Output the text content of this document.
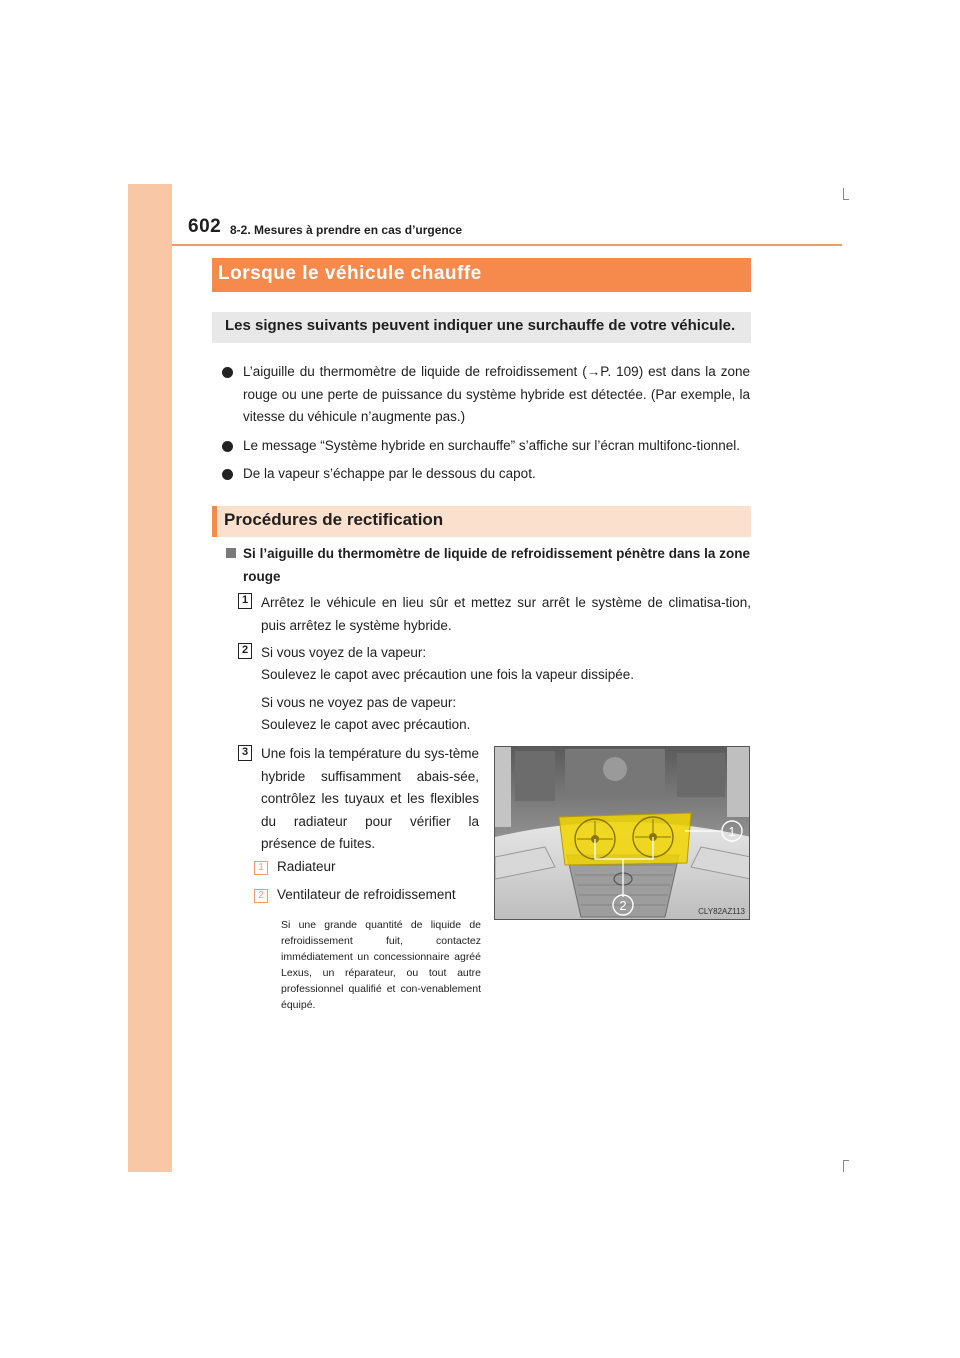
602 8-2. Mesures à prendre en cas d’urgence
Lorsque le véhicule chauffe
Les signes suivants peuvent indiquer une surchauffe de votre véhicule.
L’aiguille du thermomètre de liquide de refroidissement (→P. 109) est dans la zone rouge ou une perte de puissance du système hybride est détectée. (Par exemple, la vitesse du véhicule n’augmente pas.)
Le message “Système hybride en surchauffe” s’affiche sur l’écran multifonc-tionnel.
De la vapeur s’échappe par le dessous du capot.
Procédures de rectification
Si l’aiguille du thermomètre de liquide de refroidissement pénètre dans la zone rouge
1 Arrêtez le véhicule en lieu sûr et mettez sur arrêt le système de climatisa-tion, puis arrêtez le système hybride.
2 Si vous voyez de la vapeur:
Soulevez le capot avec précaution une fois la vapeur dissipée.
Si vous ne voyez pas de vapeur:
Soulevez le capot avec précaution.
3 Une fois la température du sys-tème hybride suffisamment abais-sée, contrôlez les tuyaux et les flexibles du radiateur pour vérifier la présence de fuites.
1 Radiateur
2 Ventilateur de refroidissement
Si une grande quantité de liquide de refroidissement fuit, contactez immédiatement un concessionnaire agréé Lexus, un réparateur, ou tout autre professionnel qualifié et con-venablement équipé.
1
2	CLY82AZ113
